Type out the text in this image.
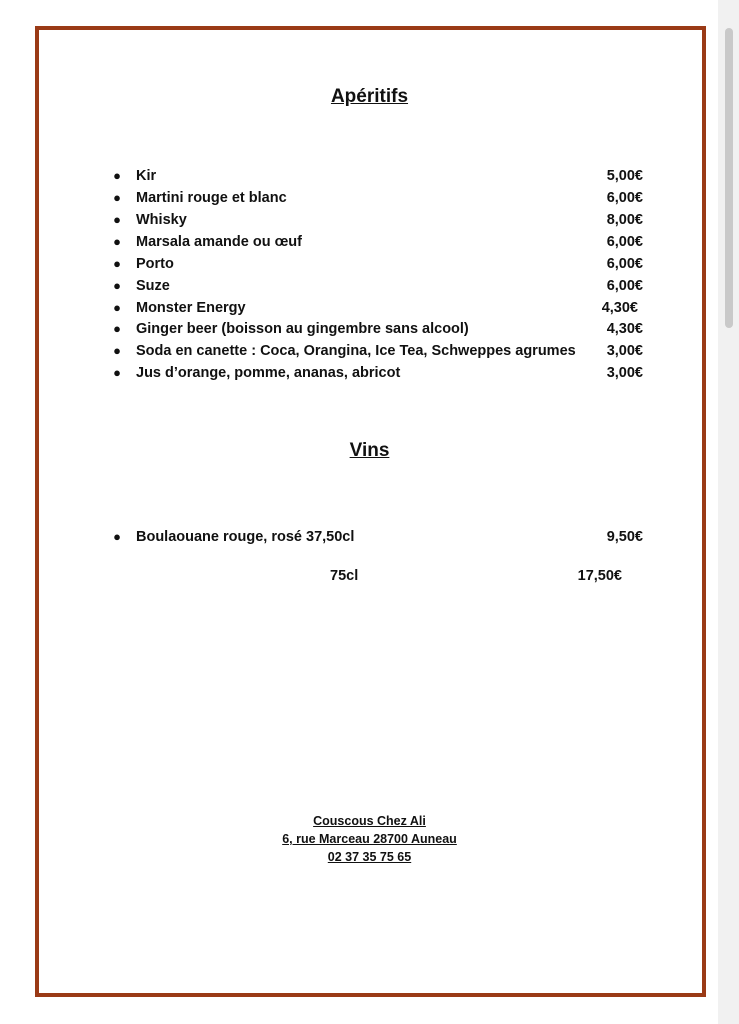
Apéritifs
● Kir	5,00€
● Martini rouge et blanc	6,00€
● Whisky	8,00€
● Marsala amande ou œuf	6,00€
● Porto	6,00€
● Suze	6,00€
● Monster Energy	4,30€
● Ginger beer (boisson au gingembre sans alcool)	4,30€
● Soda en canette : Coca, Orangina, Ice Tea, Schweppes agrumes 3,00€
● Jus d’orange, pomme, ananas, abricot	3,00€
Vins
● Boulaouane rouge, rosé 37,50cl	9,50€
75cl	17,50€
Couscous Chez Ali
6, rue Marceau 28700 Auneau
02 37 35 75 65
